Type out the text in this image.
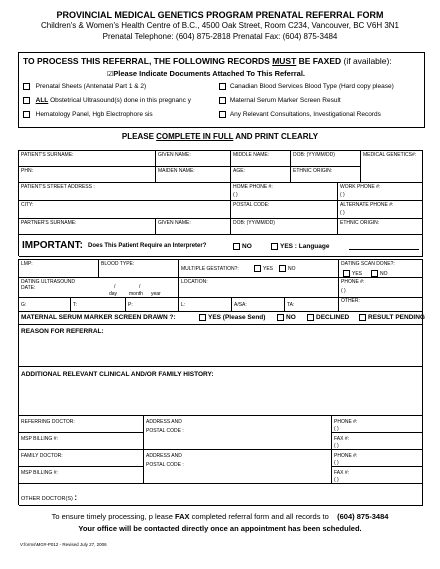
PROVINCIAL MEDICAL GENETICS PROGRAM PRENATAL REFERRAL FORM
Children's & Women's Health Centre of B.C., 4500 Oak Street, Room C234, Vancouver, BC V6H 3N1
Prenatal Telephone: (604) 875-2818 Prenatal Fax: (604) 875-3484
TO PROCESS THIS REFERRAL, THE FOLLOWING RECORDS MUST BE FAXED (if available):
☑Please Indicate Documents Attached To This Referral.
Prenatal Sheets (Antenatal Part 1 & 2)
ALL Obstetrical Ultrasound(s) done in this pregnanc y
Hematology Panel, Hgb Electrophore sis
Canadian Blood Services Blood Type (Hard copy please)
Maternal Serum Marker Screen Result
Any Relevant Consultations, Investigational Records
PLEASE COMPLETE IN FULL AND PRINT CLEARLY
PATIENT'S SURNAME:	GIVEN NAME:	MIDDLE NAME:	DOB: (YY/MM/DD)	MEDICAL GENETICS#:
PHN:	MAIDEN NAME:	AGE:	ETHNIC ORIGIN:
PATIENT'S STREET ADDRESS :	HOME PHONE #:
( )
WORK PHONE #:
( )
CITY:	POSTAL CODE:	ALTERNATE PHONE #:
( )
PARTNER'S SURNAME:	GIVEN NAME:	DOB: (YY/MM/DD)	ETHNIC ORIGIN:
IMPORTANT: Does This Patient Require an Interpreter?	NO	YES : Language
LMP:	BLOOD TYPE:
MULTIPLE GESTATION?:	YES	NO
DATING SCAN DONE?:
YES	NO
DATING ULTRASOUND
DATE:	/	/
day month year
LOCATION:	PHONE #:
( )
G:	T:	P:	L:	A/SA:	TA:
OTHER:
MATERNAL SERUM MARKER SCREEN DRAWN ?:	YES (Please Send)	NO	DECLINED	RESULT PENDING
REASON FOR REFERRAL:
ADDITIONAL RELEVANT CLINICAL AND/OR FAMILY HISTORY:
REFERRING DOCTOR:	ADDRESS AND
POSTAL CODE :
PHONE #:
( )
MSP BILLING #:	FAX #:
( )
FAMILY DOCTOR:	ADDRESS AND
POSTAL CODE :
PHONE #:
( )
MSP BILLING #:	FAX #:
( )
OTHER DOCTOR(S) :
To ensure timely processing, p lease FAX completed referral form and all records to (604) 875-3484
Your office will be contacted directly once an appointment has been scheduled.
V:forms\MG#-P012 - Revised July 27, 2006
